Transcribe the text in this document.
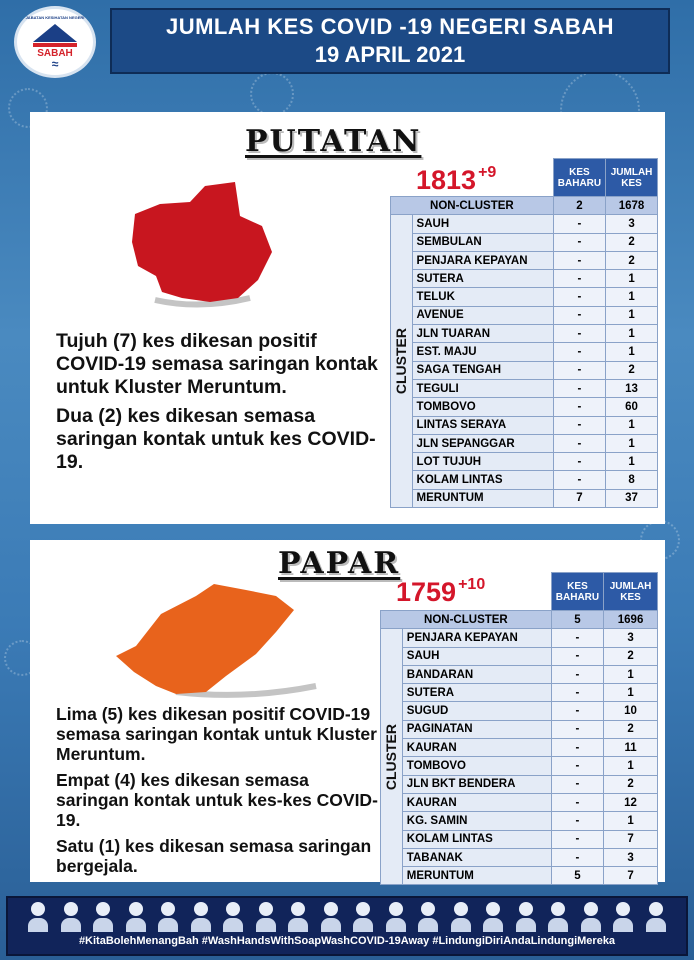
JABATAN KESIHATAN NEGERI
SABAH
≈
JUMLAH KES COVID -19 NEGERI SABAH
19 APRIL 2021
PUTATAN
1813 $^{+9}$

Tujuh (7) kes dikesan positif COVID-19 semasa saringan kontak untuk Kluster Meruntum.

Dua (2) kes dikesan semasa saringan kontak untuk kes COVID-19.

		KES BAHARU	JUMLAH KES
NON-CLUSTER		2	1678

CLUSTER	SAUH	-	3
	SEMBULAN	-	2
	PENJARA KEPAYAN	-	2
	SUTERA	-	1
	TELUK	-	1
	AVENUE	-	1
	JLN TUARAN	-	1
	EST. MAJU	-	1
	SAGA TENGAH	-	2
	TEGULI	-	13
	TOMBOVO	-	60
	LINTAS SERAYA	-	1
	JLN SEPANGGAR	-	1
	LOT TUJUH	-	1
	KOLAM LINTAS	-	8
	MERUNTUM	7	37
PAPAR
1759 $^{+10}$

Lima (5) kes dikesan positif COVID-19 semasa saringan kontak untuk Kluster Meruntum.

Empat (4) kes dikesan semasa saringan kontak untuk kes-kes COVID-19.

Satu (1) kes dikesan semasa saringan bergejala.

		KES BAHARU	JUMLAH KES
NON-CLUSTER		5	1696

CLUSTER	PENJARA KEPAYAN	-	3
	SAUH	-	2
	BANDARAN	-	1
	SUTERA	-	1
	SUGUD	-	10
	PAGINATAN	-	2
	KAURAN	-	11
	TOMBOVO	-	1
	JLN BKT BENDERA	-	2
	KAURAN	-	12
	KG. SAMIN	-	1
	KOLAM LINTAS	-	7
	TABANAK	-	3
	MERUNTUM	5	7
#KitaBolehMenangBah #WashHandsWithSoapWashCOVID-19Away #LindungiDiriAndaLindungiMereka
